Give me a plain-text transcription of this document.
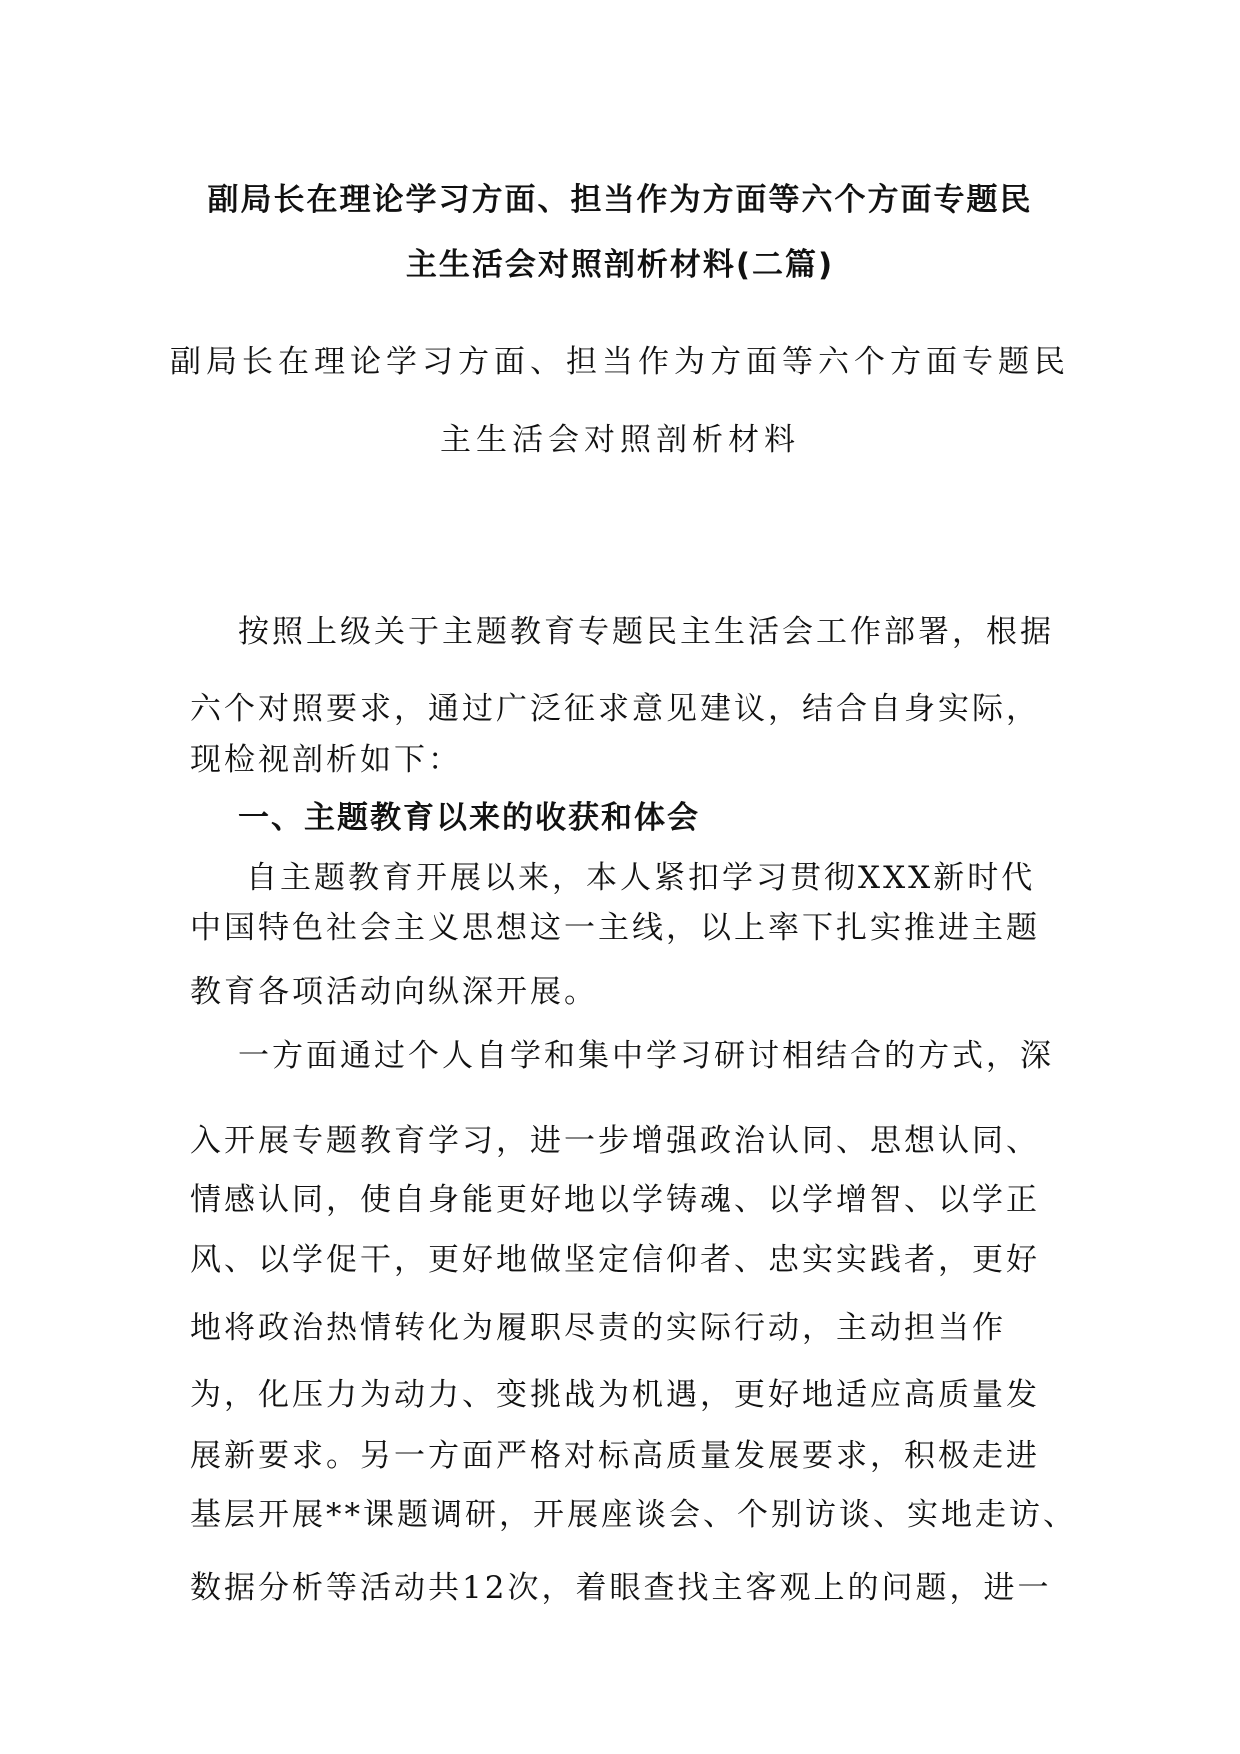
副局长在理论学习方面、担当作为方面等六个方面专题民

主生活会对照剖析材料(二篇)

副局长在理论学习方面、担当作为方面等六个方面专题民

主生活会对照剖析材料

按照上级关于主题教育专题民主生活会工作部署，根据

六个对照要求，通过广泛征求意见建议，结合自身实际，

现检视剖析如下：

一、主题教育以来的收获和体会

自主题教育开展以来，本人紧扣学习贯彻XXX新时代

中国特色社会主义思想这一主线，以上率下扎实推进主题

教育各项活动向纵深开展。

一方面通过个人自学和集中学习研讨相结合的方式，深

入开展专题教育学习，进一步增强政治认同、思想认同、

情感认同，使自身能更好地以学铸魂、以学增智、以学正

风、以学促干，更好地做坚定信仰者、忠实实践者，更好

地将政治热情转化为履职尽责的实际行动，主动担当作

为，化压力为动力、变挑战为机遇，更好地适应高质量发

展新要求。另一方面严格对标高质量发展要求，积极走进

基层开展**课题调研，开展座谈会、个别访谈、实地走访、

数据分析等活动共12次，着眼查找主客观上的问题，进一
